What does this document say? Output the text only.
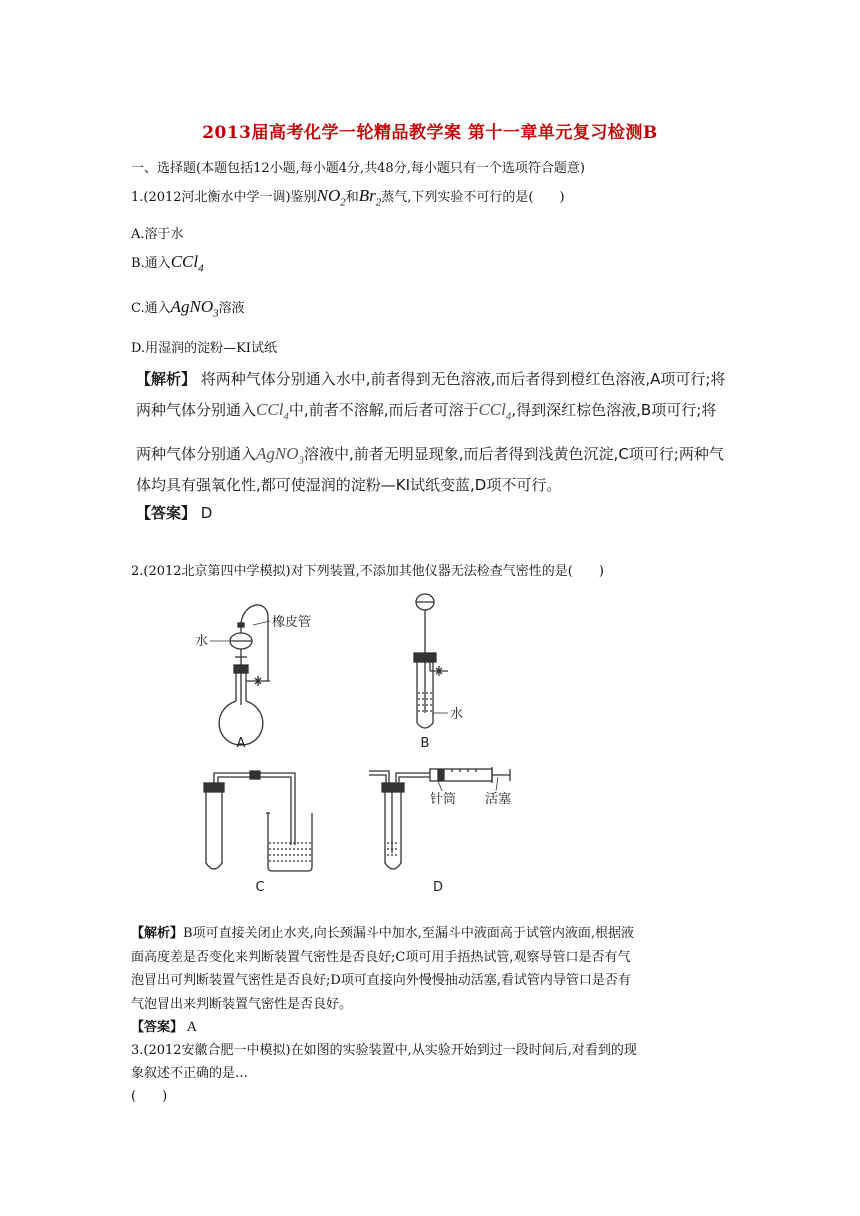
2013届高考化学一轮精品教学案 第十一章单元复习检测B
一、选择题(本题包括12小题,每小题4分,共48分,每小题只有一个选项符合题意)
1.(2012河北衡水中学一调)鉴别$NO_2$和$Br_2$蒸气,下列实验不可行的是(　　)
A.溶于水
B.通入CCl$_4$
C.通入AgNO$_3$溶液
D.用湿润的淀粉—KI试纸
【解析】 将两种气体分别通入水中,前者得到无色溶液,而后者得到橙红色溶液,A项可行;将
两种气体分别通入CCl$_4$中,前者不溶解,而后者可溶于CCl$_4$,得到深红棕色溶液,B项可行;将
两种气体分别通入AgNO$_3$溶液中,前者无明显现象,而后者得到浅黄色沉淀,C项可行;两种气
体均具有强氧化性,都可使湿润的淀粉—KI试纸变蓝,D项不可行。
【答案】 D
2.(2012北京第四中学模拟)对下列装置,不添加其他仪器无法检查气密性的是(　　)
水
橡皮管
A
水
B
C
针筒 活塞
D
【解析】B项可直接关闭止水夹,向长颈漏斗中加水,至漏斗中液面高于试管内液面,根据液
面高度差是否变化来判断装置气密性是否良好;C项可用手捂热试管,观察导管口是否有气
泡冒出可判断装置气密性是否良好;D项可直接向外慢慢抽动活塞,看试管内导管口是否有
气泡冒出来判断装置气密性是否良好。
【答案】 A
3.(2012安徽合肥一中模拟)在如图的实验装置中,从实验开始到过一段时间后,对看到的现
象叙述不正确的是…
(　　)
